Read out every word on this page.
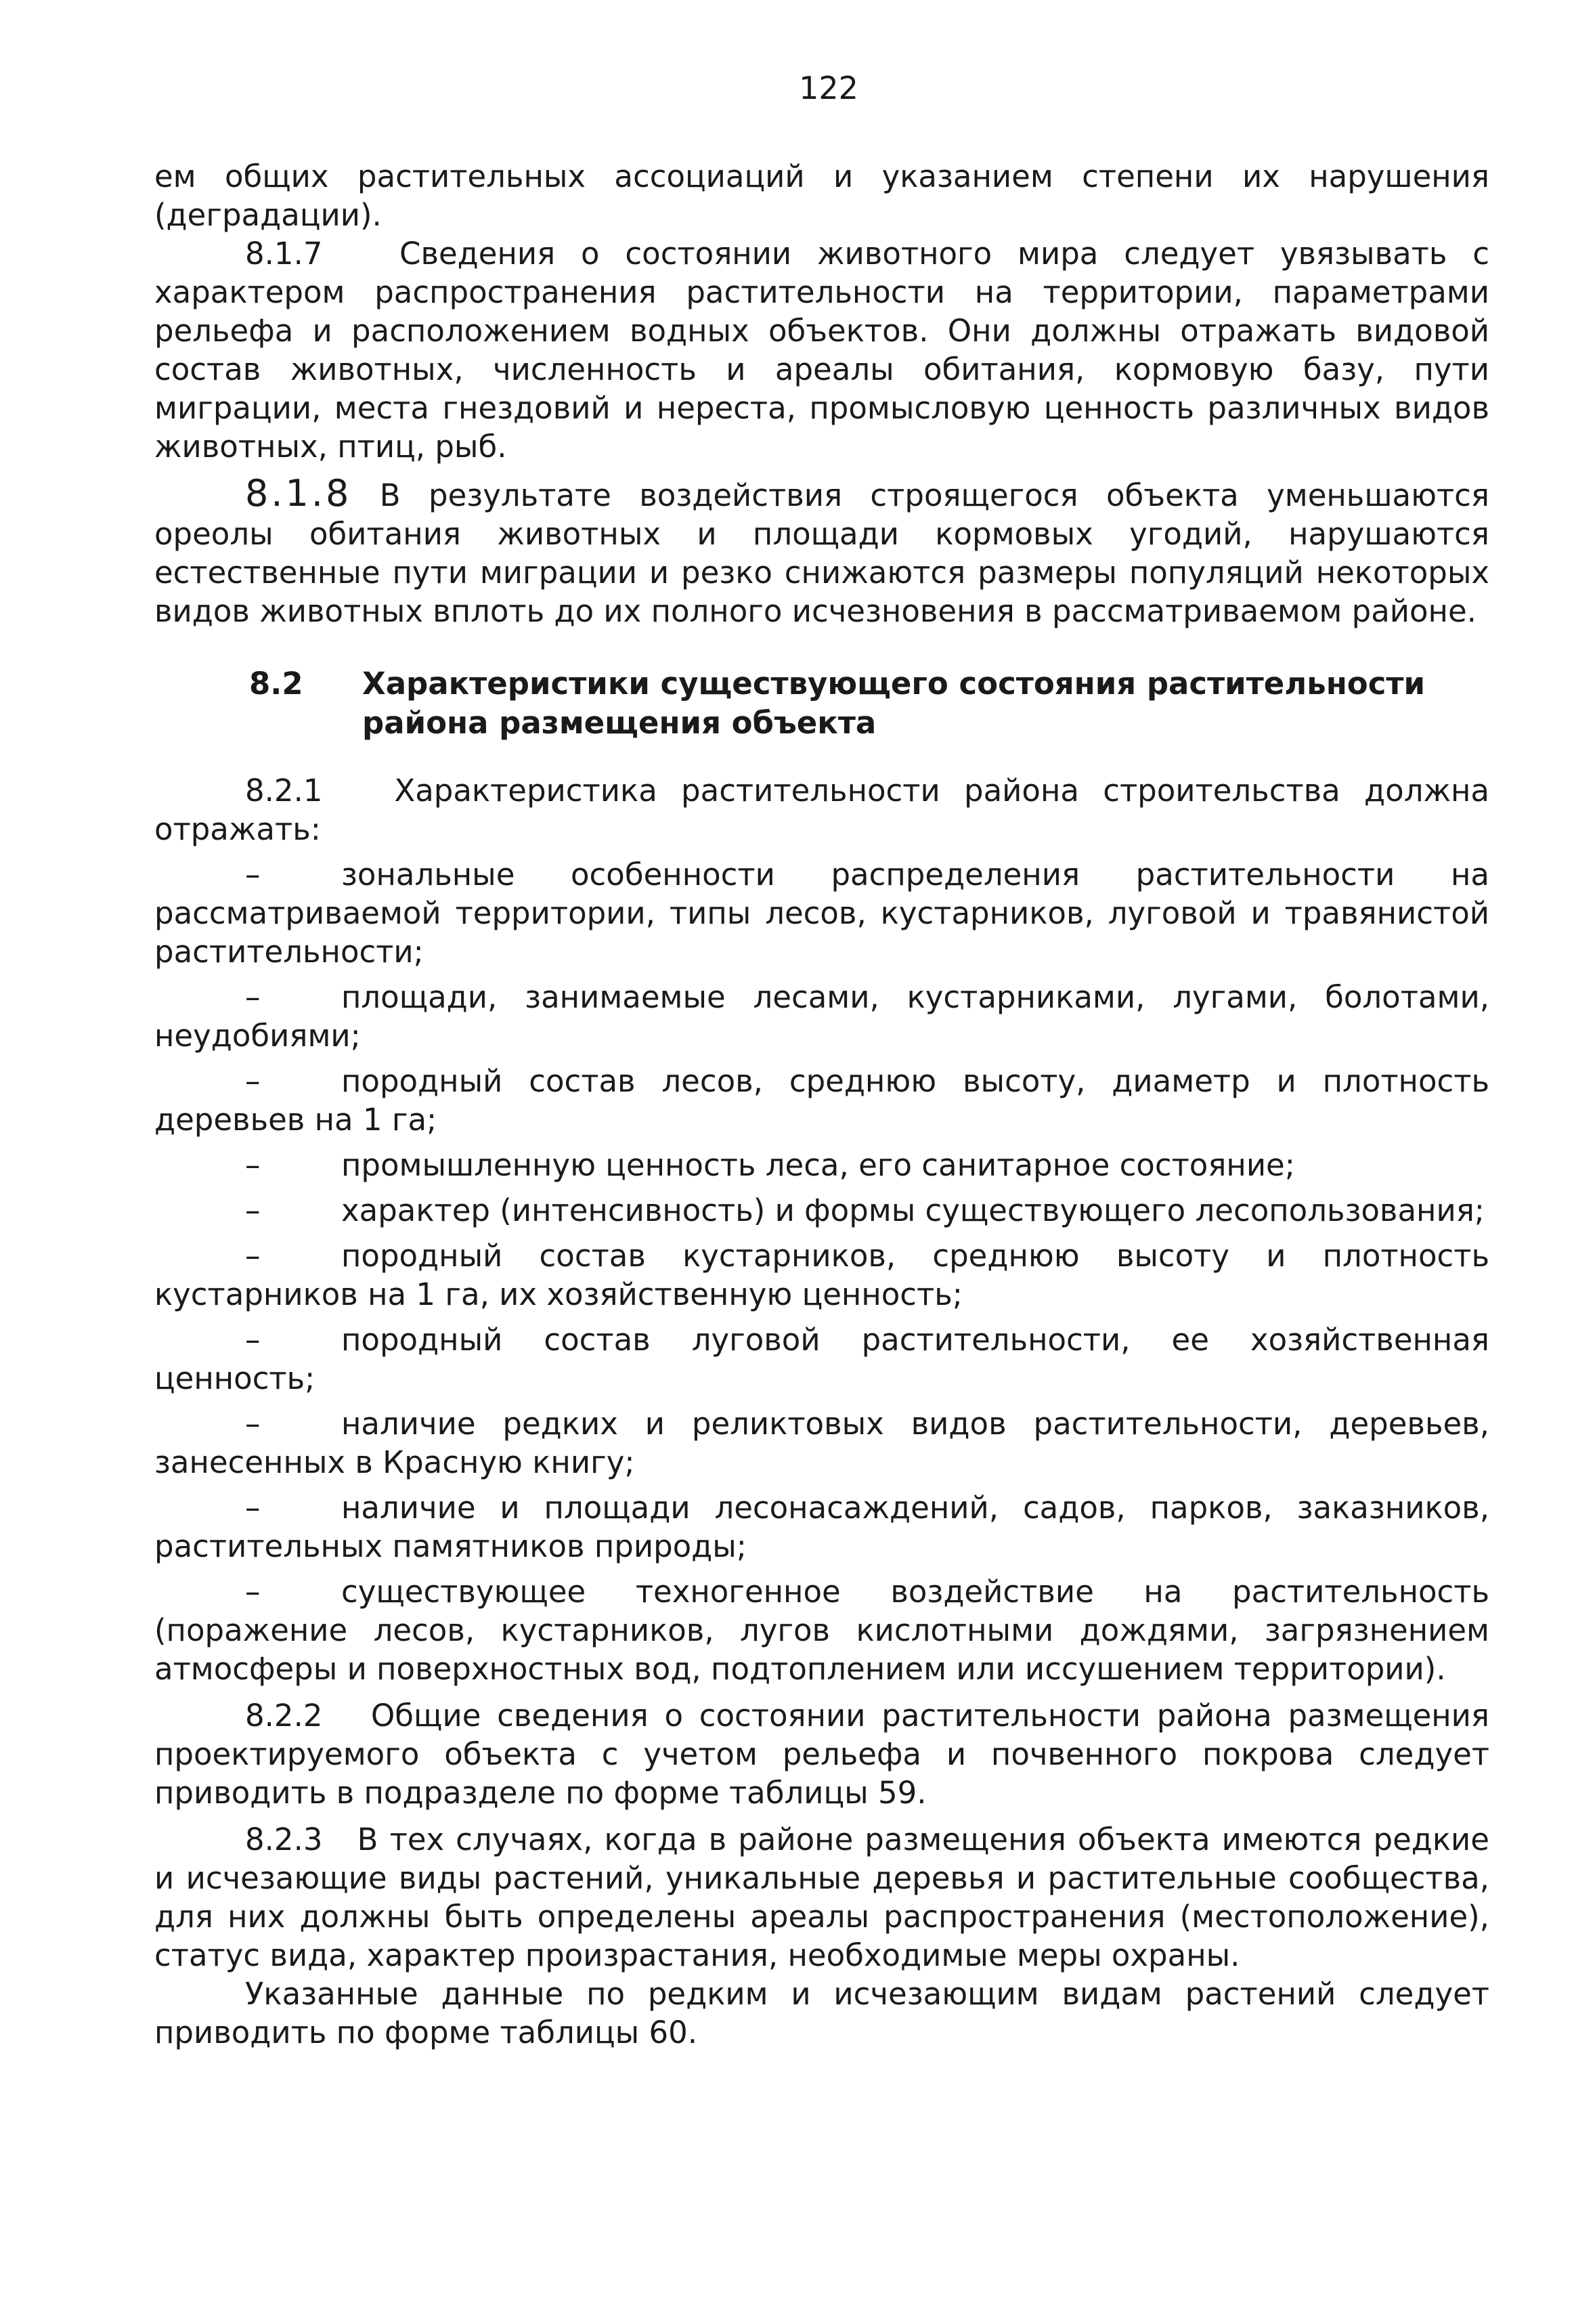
122

ем общих растительных ассоциаций и указанием степени их нарушения (деградации).

8.1.7	Сведения о состоянии животного мира следует увязывать с характером распространения растительности на территории, параметрами рельефа и расположением водных объектов. Они должны отражать видовой состав животных, численность и ареалы обитания, кормовую базу, пути миграции, места гнездовий и нереста, промысловую ценность различных видов животных, птиц, рыб.

8.1.8 В результате воздействия строящегося объекта уменьшаются ореолы обитания животных и площади кормовых угодий, нарушаются естественные пути миграции и резко снижаются размеры популяций некоторых видов животных вплоть до их полного исчезновения в рассматриваемом районе.

8.2	Характеристики существующего состояния растительности района размещения объекта

8.2.1 Характеристика растительности района строительства должна отражать:

–	зональные особенности распределения растительности на рассматриваемой территории, типы лесов, кустарников, луговой и травянистой растительности;

–	площади, занимаемые лесами, кустарниками, лугами, болотами, неудобиями;

–	породный состав лесов, среднюю высоту, диаметр и плотность деревьев на 1 га;

–	промышленную ценность леса, его санитарное состояние;

–	характер (интенсивность) и формы существующего лесопользования;

–	породный состав кустарников, среднюю высоту и плотность кустарников на 1 га, их хозяйственную ценность;

–	породный состав луговой растительности, ее хозяйственная ценность;

–	наличие редких и реликтовых видов растительности, деревьев, занесенных в Красную книгу;

–	наличие и площади лесонасаждений, садов, парков, заказников, растительных памятников природы;

–	существующее техногенное воздействие на растительность (поражение лесов, кустарников, лугов кислотными дождями, загрязнением атмосферы и поверхностных вод, подтоплением или иссушением территории).

8.2.2 Общие сведения о состоянии растительности района размещения проектируемого объекта с учетом рельефа и почвенного покрова следует приводить в подразделе по форме таблицы 59.

8.2.3 В тех случаях, когда в районе размещения объекта имеются редкие и исчезающие виды растений, уникальные деревья и растительные сообщества, для них должны быть определены ареалы распространения (местоположение), статус вида, характер произрастания, необходимые меры охраны.

Указанные данные по редким и исчезающим видам растений следует приводить по форме таблицы 60.
